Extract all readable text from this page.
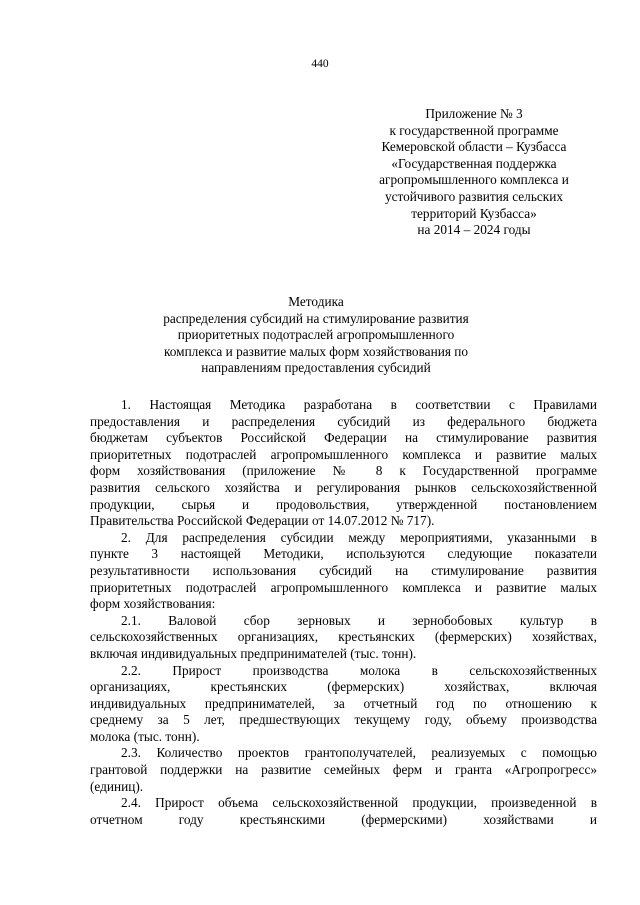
440
Приложение № 3
к государственной программе
Кемеровской области – Кузбасса
«Государственная поддержка
агропромышленного комплекса и
устойчивого развития сельских
территорий Кузбасса»
на 2014 – 2024 годы
Методика
распределения субсидий на стимулирование развития
приоритетных подотраслей агропромышленного
комплекса и развитие малых форм хозяйствования по
направлениям предоставления субсидий
1. Настоящая Методика разработана в соответствии с Правилами
предоставления и распределения субсидий из федерального бюджета
бюджетам субъектов Российской Федерации на стимулирование развития
приоритетных подотраслей агропромышленного комплекса и развитие малых
форм хозяйствования (приложение № 8 к Государственной программе
развития сельского хозяйства и регулирования рынков сельскохозяйственной
продукции, сырья и продовольствия, утвержденной постановлением
Правительства Российской Федерации от 14.07.2012 № 717).
2. Для распределения субсидии между мероприятиями, указанными в
пункте 3 настоящей Методики, используются следующие показатели
результативности использования субсидий на стимулирование развития
приоритетных подотраслей агропромышленного комплекса и развитие малых
форм хозяйствования:
2.1. Валовой сбор зерновых и зернобобовых культур в
сельскохозяйственных организациях, крестьянских (фермерских) хозяйствах,
включая индивидуальных предпринимателей (тыс. тонн).
2.2. Прирост производства молока в сельскохозяйственных
организациях, крестьянских (фермерских) хозяйствах, включая
индивидуальных предпринимателей, за отчетный год по отношению к
среднему за 5 лет, предшествующих текущему году, объему производства
молока (тыс. тонн).
2.3. Количество проектов грантополучателей, реализуемых с помощью
грантовой поддержки на развитие семейных ферм и гранта «Агропрогресс»
(единиц).
2.4. Прирост объема сельскохозяйственной продукции, произведенной в
отчетном году крестьянскими (фермерскими) хозяйствами и
